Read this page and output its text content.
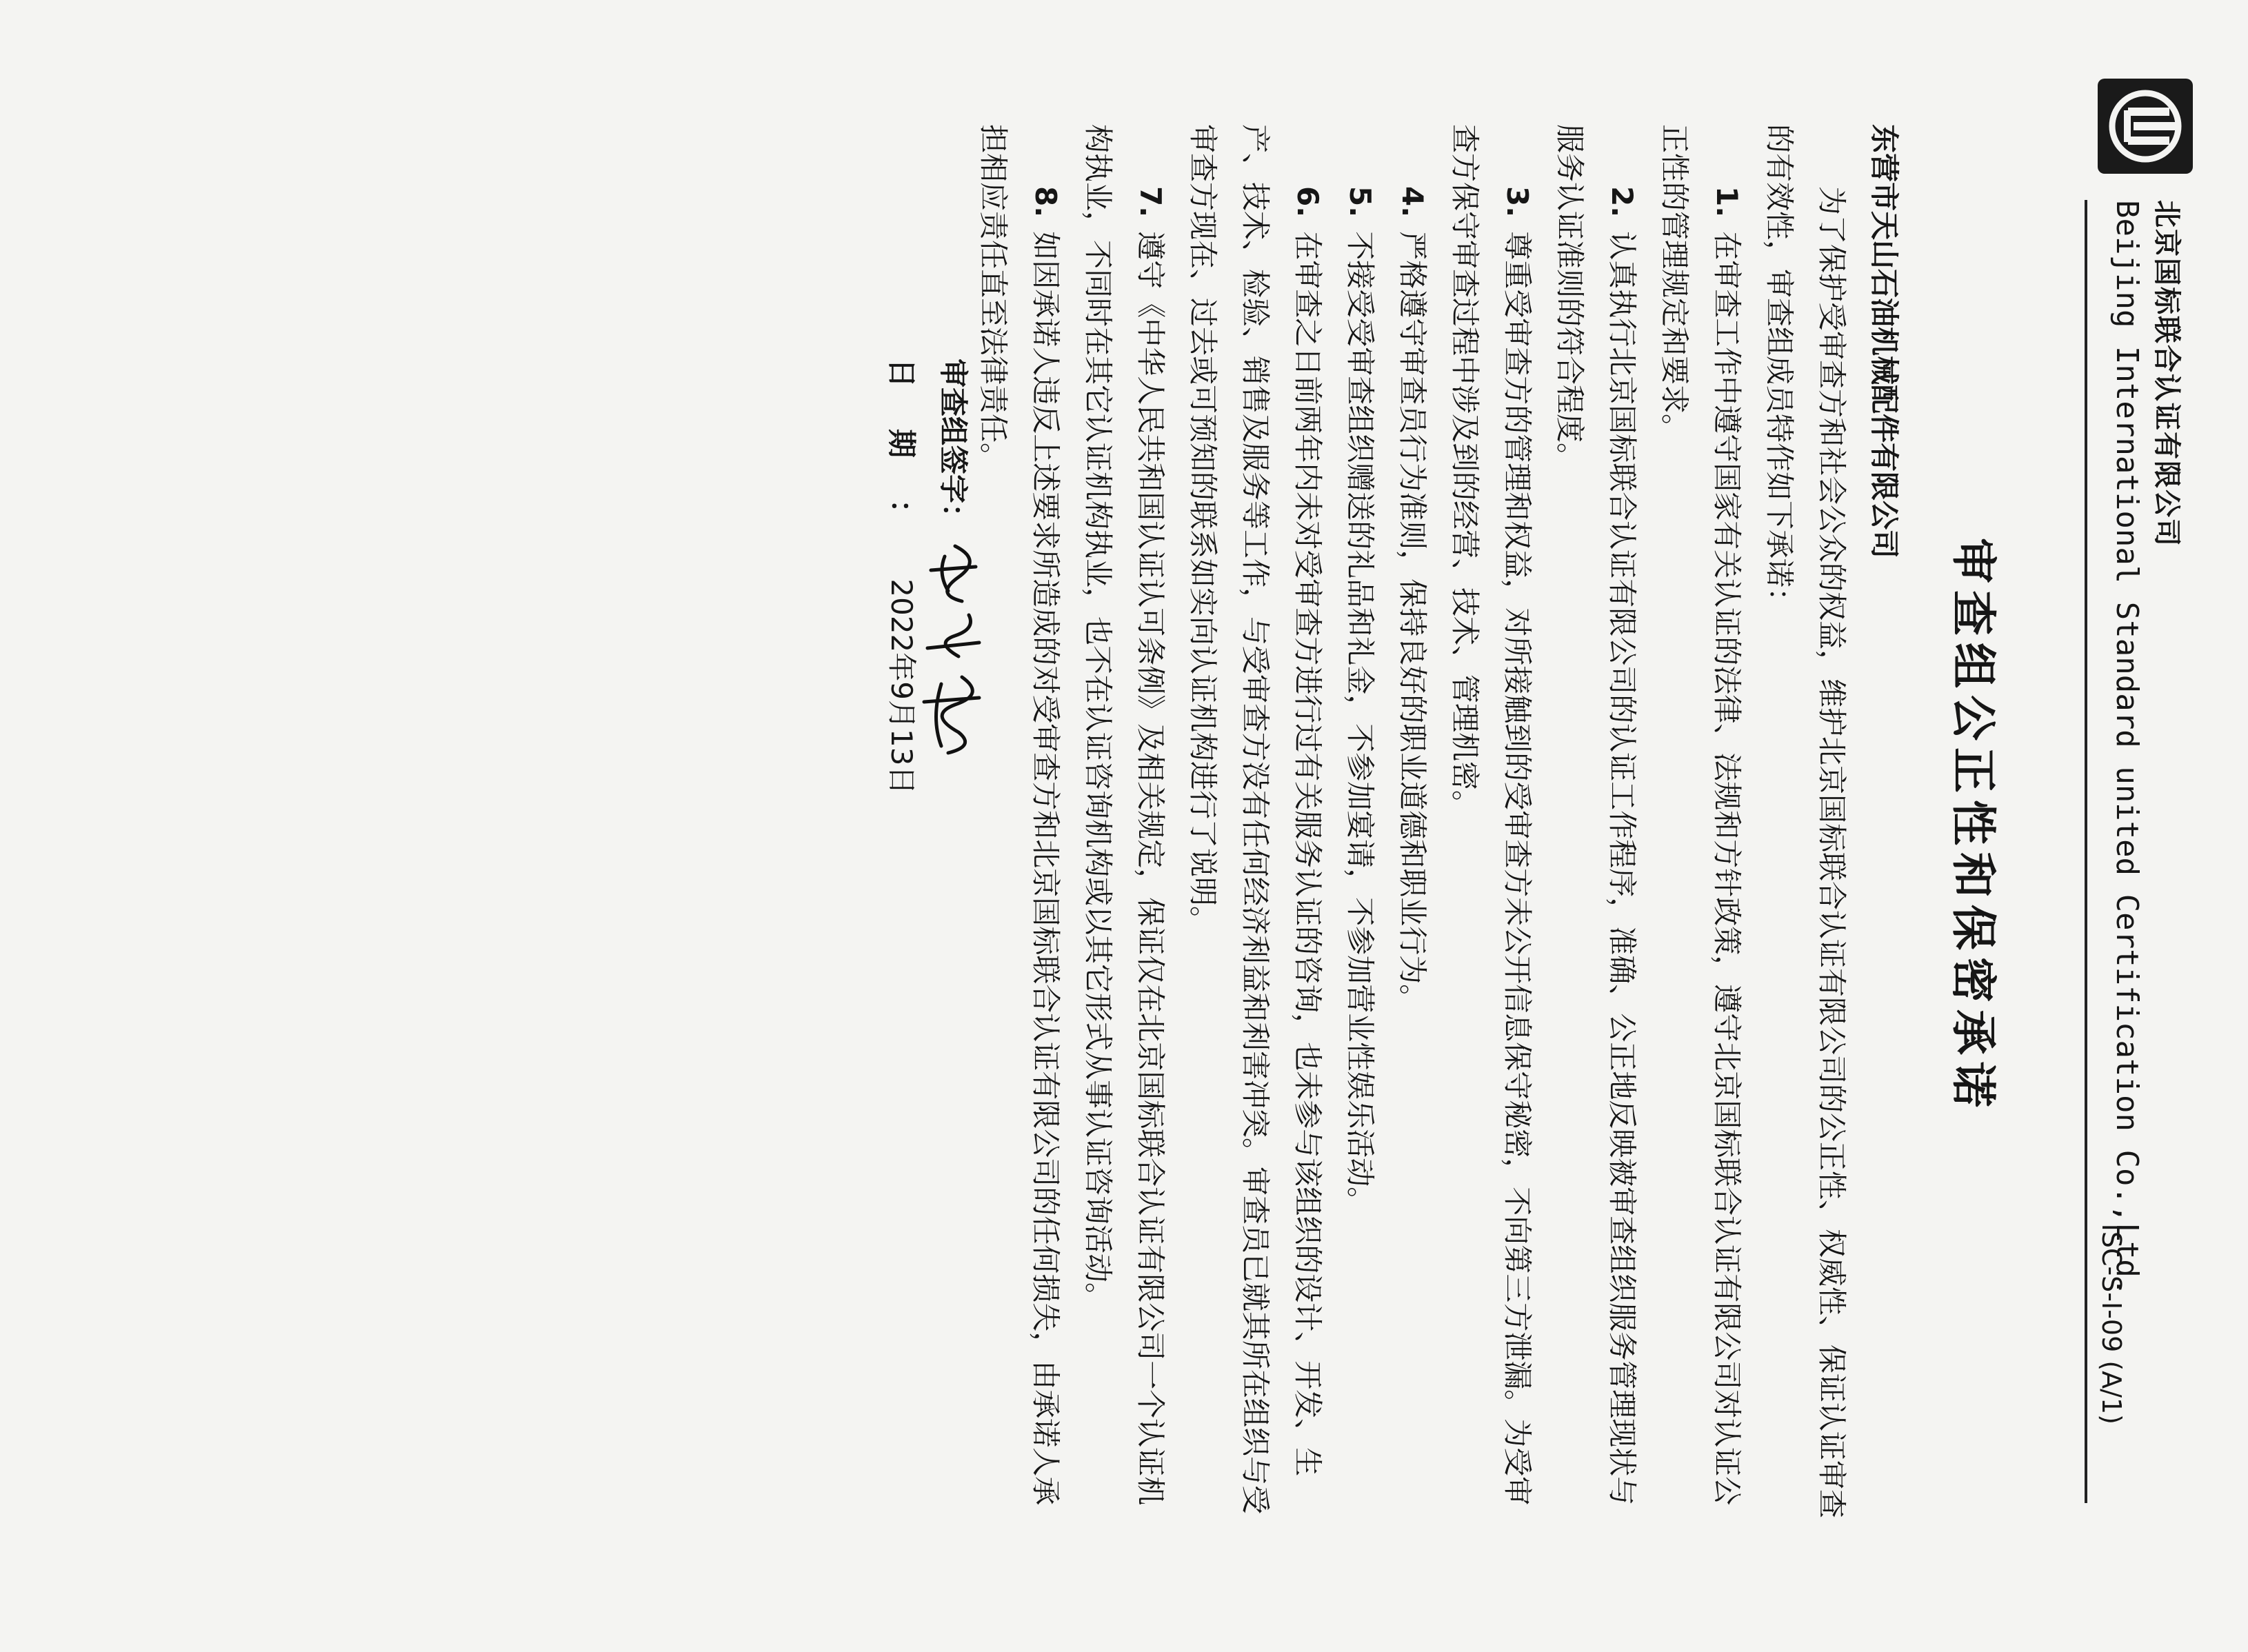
北京国标联合认证有限公司
Beijing International Standard united Certification Co.,Ltd.
ISC-S-I-09 (A/1)
审查组公正性和保密承诺

东营市天山石油机械配件有限公司

为了保护受审查方和社会公众的权益，维护北京国标联合认证有限公司的公正性、权威性、保证认证审查的有效性，审查组成员特作如下承诺：

1.在审查工作中遵守国家有关认证的法律、法规和方针政策，遵守北京国标联合认证有限公司对认证公正性的管理规定和要求。

2.认真执行北京国标联合认证有限公司的认证工作程序，准确、公正地反映被审查组织服务管理现状与服务认证准则的符合程度。

3.尊重受审查方的管理和权益，对所接触到的受审查方未公开信息保守秘密，不向第三方泄漏。为受审查方保守审查过程中涉及到的经营、技术、管理机密。

4.严格遵守审查员行为准则，保持良好的职业道德和职业行为。

5.不接受受审查组织赠送的礼品和礼金，不参加宴请，不参加营业性娱乐活动。

6.在审查之日前两年内未对受审查方进行过有关服务认证的咨询，也未参与该组织的设计、开发、生产、技术、检验、销售及服务等工作，与受审查方没有任何经济利益和利害冲突。审查员已就其所在组织与受审查方现在、过去或可预知的联系如实向认证机构进行了说明。

7.遵守《中华人民共和国认证认可条例》及相关规定，保证仅在北京国标联合认证有限公司一个认证机构执业，不同时在其它认证机构执业，也不在认证咨询机构或以其它形式从事认证咨询活动。

8.如因承诺人违反上述要求所造成的对受审查方和北京国标联合认证有限公司的任何损失，由承诺人承担相应责任直至法律责任。

审查组签字：
日期： 2022年9月13日
